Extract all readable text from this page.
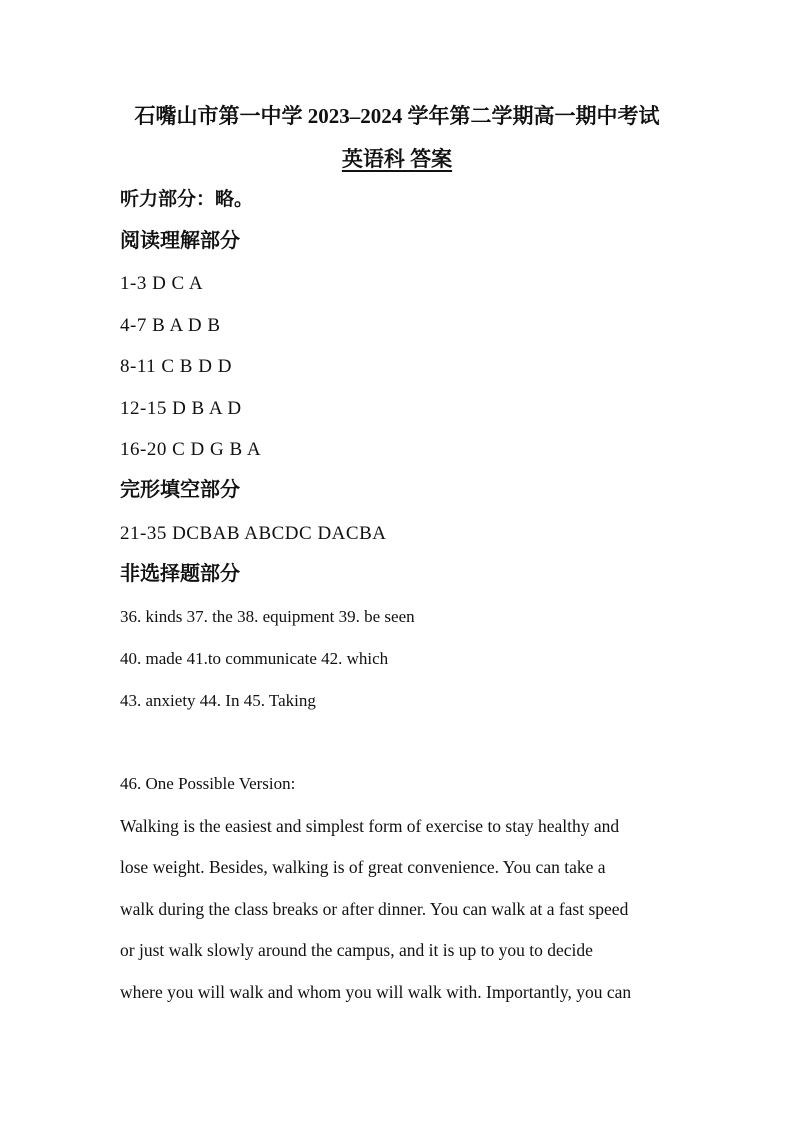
石嘴山市第一中学 2023–2024 学年第二学期高一期中考试
英语科 答案
听力部分：略。
阅读理解部分
1-3 D C A
4-7 B A D B
8-11 C B D D
12-15 D B A D
16-20 C D G B A
完形填空部分
21-35 DCBAB ABCDC DACBA
非选择题部分
36. kinds 37. the 38. equipment 39. be seen
40. made 41.to communicate 42. which
43. anxiety 44. In 45. Taking
46. One Possible Version:
Walking is the easiest and simplest form of exercise to stay healthy and
lose weight. Besides, walking is of great convenience. You can take a
walk during the class breaks or after dinner. You can walk at a fast speed
or just walk slowly around the campus, and it is up to you to decide
where you will walk and whom you will walk with. Importantly, you can
